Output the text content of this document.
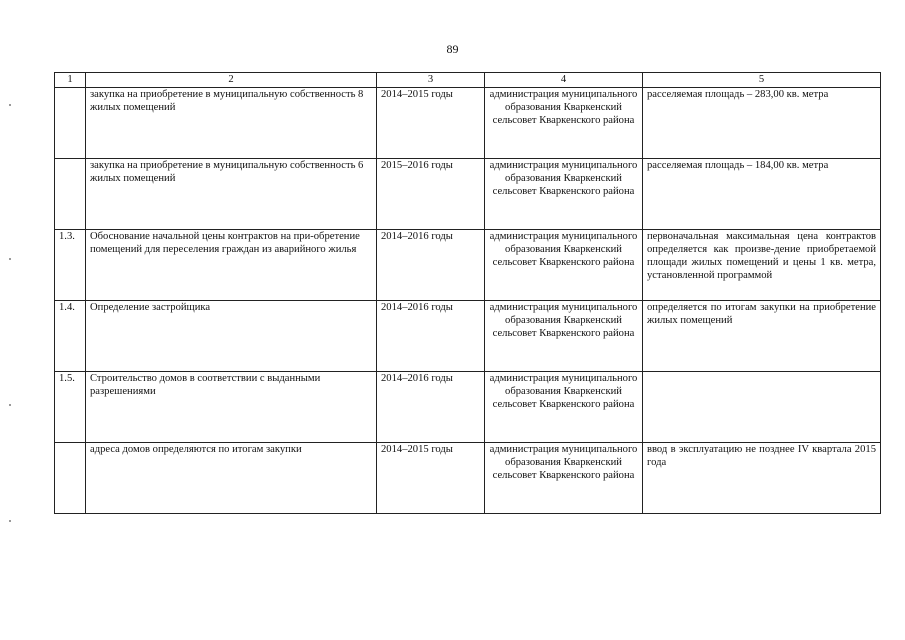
89
1	2	3	4	5
	закупка на приобретение в муниципальную собственность 8 жилых помещений	2014–2015 годы	администрация муниципального образования Кваркенский сельсовет Кваркенского района	расселяемая площадь – 283,00 кв. метра
	закупка на приобретение в муниципальную собственность 6 жилых помещений	2015–2016 годы	администрация муниципального образования Кваркенский сельсовет Кваркенского района	расселяемая площадь – 184,00 кв. метра
1.3.	Обоснование начальной цены контрактов на при-обретение помещений для переселения граждан из аварийного жилья	2014–2016 годы	администрация муниципального образования Кваркенский сельсовет Кваркенского района	первоначальная максимальная цена контрактов определяется как произве-дение приобретаемой площади жилых помещений и цены 1 кв. метра, установленной программой
1.4.	Определение застройщика	2014–2016 годы	администрация муниципального образования Кваркенский сельсовет Кваркенского района	определяется по итогам закупки на приобретение жилых помещений
1.5.	Строительство домов в соответствии с выданными разрешениями	2014–2016 годы	администрация муниципального образования Кваркенский сельсовет Кваркенского района	
	адреса домов определяются по итогам закупки	2014–2015 годы	администрация муниципального образования Кваркенский сельсовет Кваркенского района	ввод в эксплуатацию не позднее IV квартала 2015 года
